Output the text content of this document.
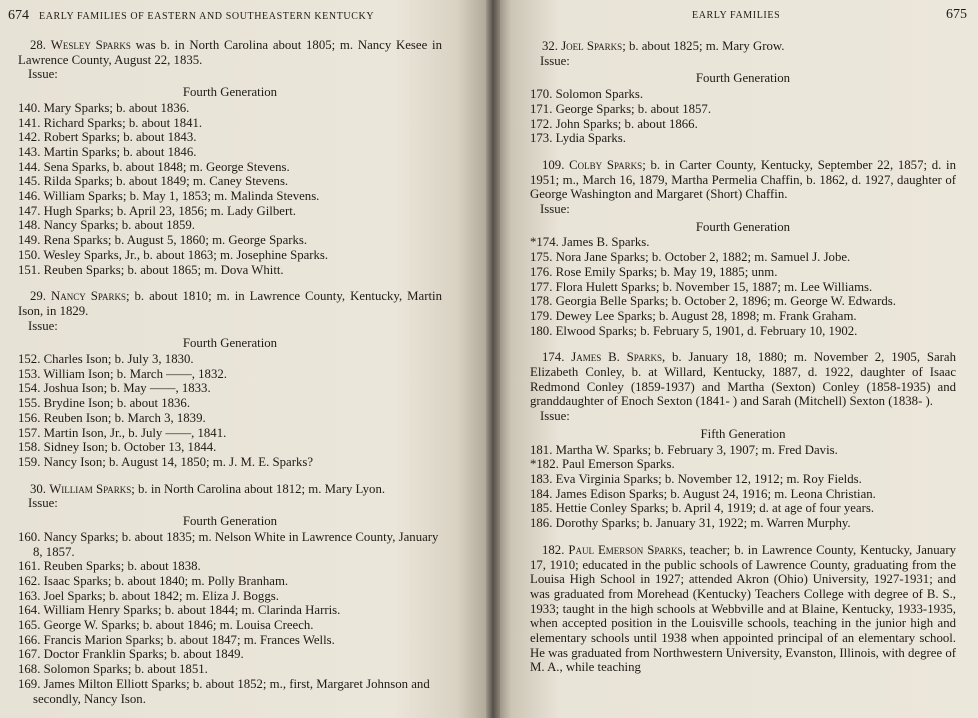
674 EARLY FAMILIES OF EASTERN AND SOUTHEASTERN KENTUCKY

28. Wesley Sparks was b. in North Carolina about 1805; m. Nancy Kesee in Lawrence County, August 22, 1835.

Issue:
Fourth Generation
140. Mary Sparks; b. about 1836.
141. Richard Sparks; b. about 1841.
142. Robert Sparks; b. about 1843.
143. Martin Sparks; b. about 1846.
144. Sena Sparks, b. about 1848; m. George Stevens.
145. Rilda Sparks; b. about 1849; m. Caney Stevens.
146. William Sparks; b. May 1, 1853; m. Malinda Stevens.
147. Hugh Sparks; b. April 23, 1856; m. Lady Gilbert.
148. Nancy Sparks; b. about 1859.
149. Rena Sparks; b. August 5, 1860; m. George Sparks.
150. Wesley Sparks, Jr., b. about 1863; m. Josephine Sparks.
151. Reuben Sparks; b. about 1865; m. Dova Whitt.

29. Nancy Sparks; b. about 1810; m. in Lawrence County, Kentucky, Martin Ison, in 1829.

Issue:
Fourth Generation
152. Charles Ison; b. July 3, 1830.
153. William Ison; b. March ——, 1832.
154. Joshua Ison; b. May ——, 1833.
155. Brydine Ison; b. about 1836.
156. Reuben Ison; b. March 3, 1839.
157. Martin Ison, Jr., b. July ——, 1841.
158. Sidney Ison; b. October 13, 1844.
159. Nancy Ison; b. August 14, 1850; m. J. M. E. Sparks?

30. William Sparks; b. in North Carolina about 1812; m. Mary Lyon.

Issue:
Fourth Generation
160. Nancy Sparks; b. about 1835; m. Nelson White in Lawrence County, January 8, 1857.
161. Reuben Sparks; b. about 1838.
162. Isaac Sparks; b. about 1840; m. Polly Branham.
163. Joel Sparks; b. about 1842; m. Eliza J. Boggs.
164. William Henry Sparks; b. about 1844; m. Clarinda Harris.
165. George W. Sparks; b. about 1846; m. Louisa Creech.
166. Francis Marion Sparks; b. about 1847; m. Frances Wells.
167. Doctor Franklin Sparks; b. about 1849.
168. Solomon Sparks; b. about 1851.
169. James Milton Elliott Sparks; b. about 1852; m., first, Margaret Johnson and secondly, Nancy Ison.
EARLY FAMILIES	675

32. Joel Sparks; b. about 1825; m. Mary Grow.

Issue:
Fourth Generation
170. Solomon Sparks.
171. George Sparks; b. about 1857.
172. John Sparks; b. about 1866.
173. Lydia Sparks.

109. Colby Sparks; b. in Carter County, Kentucky, September 22, 1857; d. in 1951; m., March 16, 1879, Martha Permelia Chaffin, b. 1862, d. 1927, daughter of George Washington and Margaret (Short) Chaffin.

Issue:
Fourth Generation
*174. James B. Sparks.
175. Nora Jane Sparks; b. October 2, 1882; m. Samuel J. Jobe.
176. Rose Emily Sparks; b. May 19, 1885; unm.
177. Flora Hulett Sparks; b. November 15, 1887; m. Lee Williams.
178. Georgia Belle Sparks; b. October 2, 1896; m. George W. Edwards.
179. Dewey Lee Sparks; b. August 28, 1898; m. Frank Graham.
180. Elwood Sparks; b. February 5, 1901, d. February 10, 1902.

174. James B. Sparks, b. January 18, 1880; m. November 2, 1905, Sarah Elizabeth Conley, b. at Willard, Kentucky, 1887, d. 1922, daughter of Isaac Redmond Conley (1859-1937) and Martha (Sexton) Conley (1858-1935) and granddaughter of Enoch Sexton (1841- ) and Sarah (Mitchell) Sexton (1838- ).

Issue:
Fifth Generation
181. Martha W. Sparks; b. February 3, 1907; m. Fred Davis.
*182. Paul Emerson Sparks.
183. Eva Virginia Sparks; b. November 12, 1912; m. Roy Fields.
184. James Edison Sparks; b. August 24, 1916; m. Leona Christian.
185. Hettie Conley Sparks; b. April 4, 1919; d. at age of four years.
186. Dorothy Sparks; b. January 31, 1922; m. Warren Murphy.

182. Paul Emerson Sparks, teacher; b. in Lawrence County, Kentucky, January 17, 1910; educated in the public schools of Lawrence County, graduating from the Louisa High School in 1927; attended Akron (Ohio) University, 1927-1931; and was graduated from Morehead (Kentucky) Teachers College with degree of B. S., 1933; taught in the high schools at Webbville and at Blaine, Kentucky, 1933-1935, when accepted position in the Louisville schools, teaching in the junior high and elementary schools until 1938 when appointed principal of an elementary school. He was graduated from Northwestern University, Evanston, Illinois, with degree of M. A., while teaching
